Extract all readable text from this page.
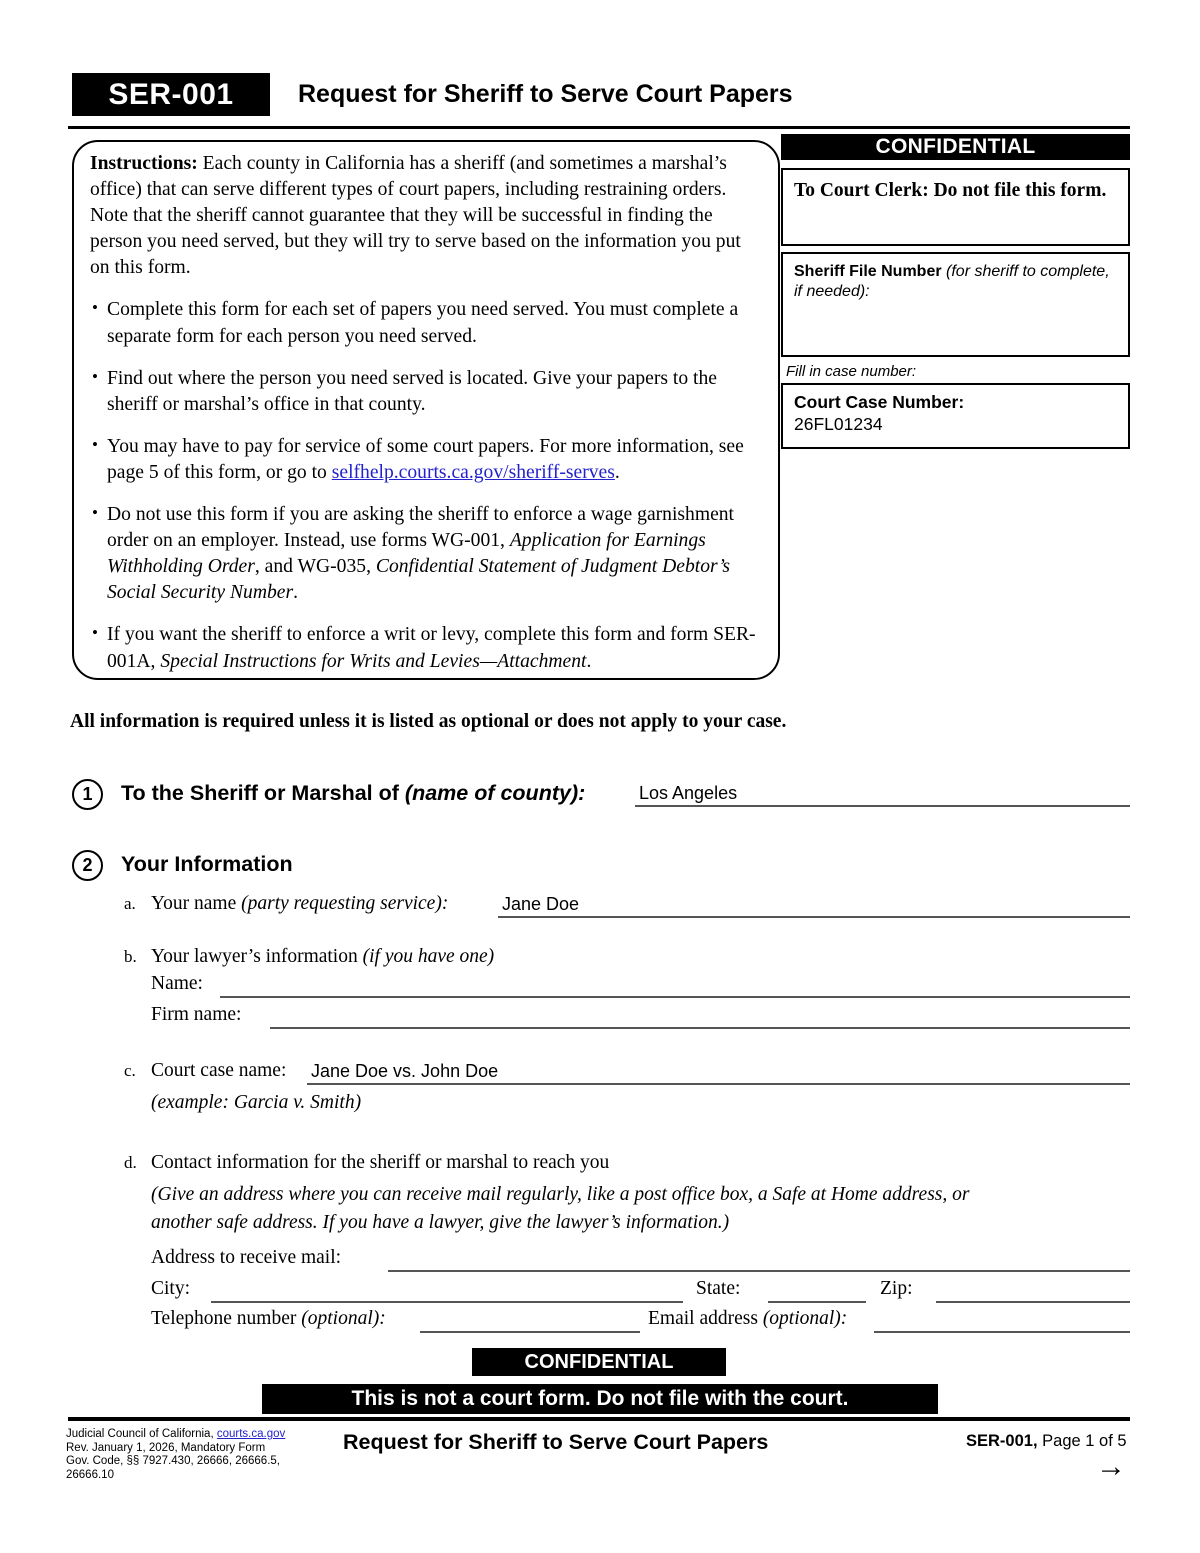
SER-001	Request for Sheriff to Serve Court Papers

Instructions: Each county in California has a sheriff (and sometimes a marshal’s office) that can serve different types of court papers, including restraining orders. Note that the sheriff cannot guarantee that they will be successful in finding the person you need served, but they will try to serve based on the information you put on this form.

• Complete this form for each set of papers you need served. You must complete a separate form for each person you need served.
• Find out where the person you need served is located. Give your papers to the sheriff or marshal’s office in that county.
• You may have to pay for service of some court papers. For more information, see page 5 of this form, or go to selfhelp.courts.ca.gov/sheriff-serves.
• Do not use this form if you are asking the sheriff to enforce a wage garnishment order on an employer. Instead, use forms WG-001, Application for Earnings Withholding Order, and WG-035, Confidential Statement of Judgment Debtor’s Social Security Number.
• If you want the sheriff to enforce a writ or levy, complete this form and form SER-001A, Special Instructions for Writs and Levies—Attachment.
CONFIDENTIAL
To Court Clerk: Do not file this form.
Sheriff File Number (for sheriff to complete, if needed):
Fill in case number:
Court Case Number:
26FL01234
All information is required unless it is listed as optional or does not apply to your case.
1	To the Sheriff or Marshal of (name of county):	Los Angeles
2	Your Information
a. Your name (party requesting service):	Jane Doe
b. Your lawyer’s information (if you have one)
Name:
Firm name:
c. Court case name: Jane Doe vs. John Doe
(example: Garcia v. Smith)
d. Contact information for the sheriff or marshal to reach you
(Give an address where you can receive mail regularly, like a post office box, a Safe at Home address, or
another safe address. If you have a lawyer, give the lawyer’s information.)
Address to receive mail:
City:	State:	Zip:
Telephone number (optional):	Email address (optional):
CONFIDENTIAL
This is not a court form. Do not file with the court.
Judicial Council of California, courts.ca.gov
Rev. January 1, 2026, Mandatory Form
Gov. Code, §§ 7927.430, 26666, 26666.5,
26666.10
Request for Sheriff to Serve Court Papers	SER-001, Page 1 of 5
→
